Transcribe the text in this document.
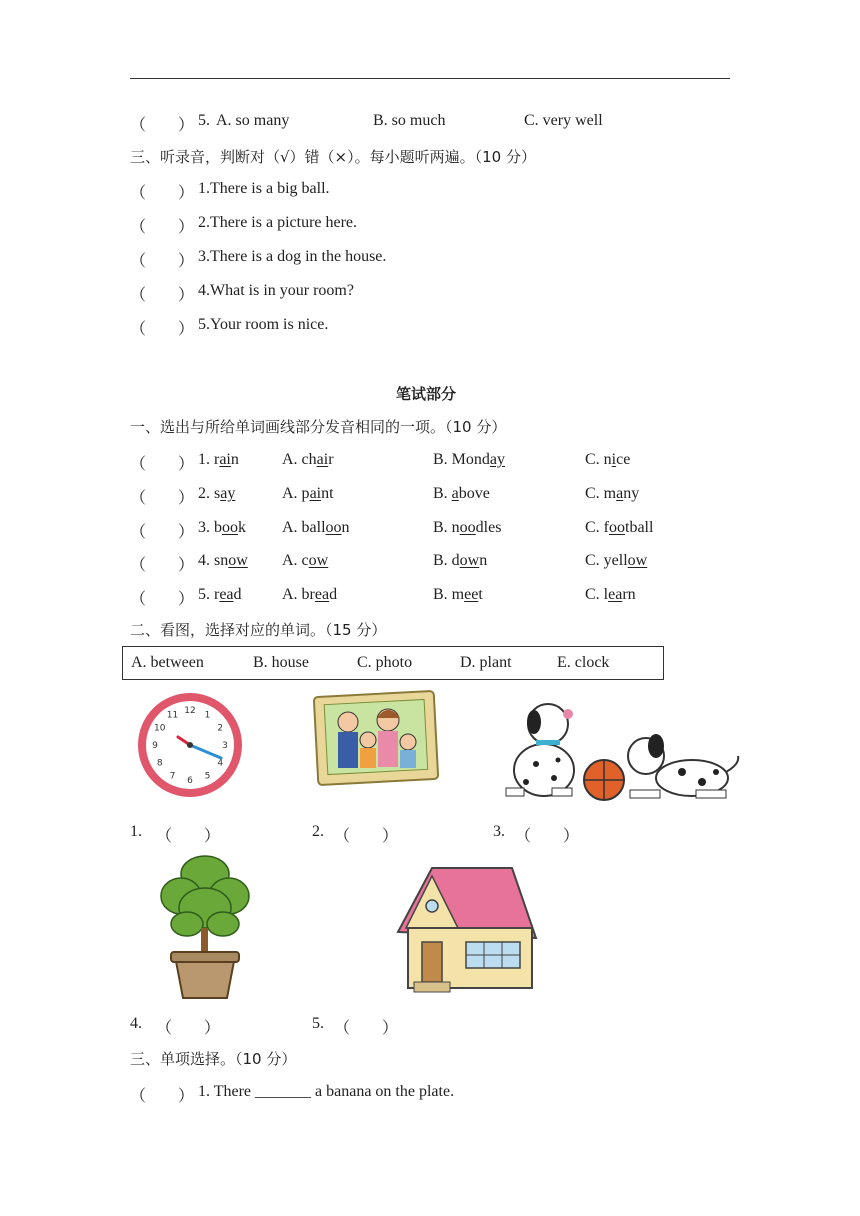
（　　） 5. A. so many	B. so much	C. very well
三、听录音，判断对（√）错（×）。每小题听两遍。（10 分）
（　　） 1.There is a big ball.
（　　） 2.There is a picture here.
（　　） 3.There is a dog in the house.
（　　） 4.What is in your room?
（　　） 5.Your room is nice.
笔试部分
一、选出与所给单词画线部分发音相同的一项。（10 分）
（　　） 1. rain	A. chair	B. Monday	C. nice
（　　） 2. say	A. paint	B. above	C. many
（　　） 3. book A. balloon	B. noodles	C. football
（　　） 4. snow A. cow	B. down	C. yellow
（　　） 5. read	A. bread	B. meet	C. learn
二、看图，选择对应的单词。（15 分）
A. between	B. house	C. photo	D. plant	E. clock
12 1
2
3
4
5
6
7
8
9
10
11
1. （　　）	2. （　　）	3. （　　）
4. （　　）	5. （　　）
三、单项选择。（10 分）
（　　） 1. There _______ a banana on the plate.
